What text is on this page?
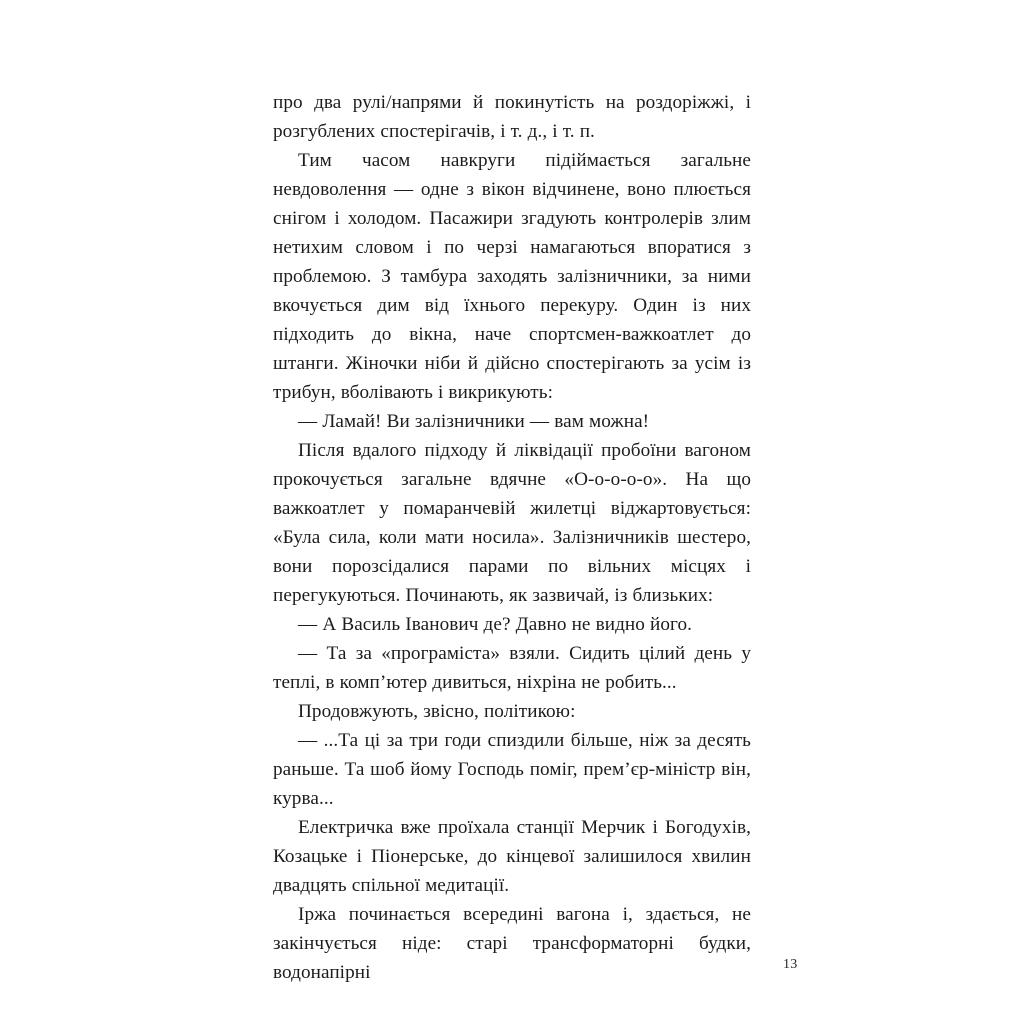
про два рулі/напрями й покинутість на роздоріжжі, і розгублених спостерігачів, і т. д., і т. п.

Тим часом навкруги підіймається загальне невдоволення — одне з вікон відчинене, воно плюється снігом і холодом. Пасажири згадують контролерів злим нетихим словом і по черзі намагаються впоратися з проблемою. З тамбура заходять залізничники, за ними вкочується дим від їхнього перекуру. Один із них підходить до вікна, наче спортсмен-важкоатлет до штанги. Жіночки ніби й дійсно спостерігають за усім із трибун, вболівають і викрикують:

— Ламай! Ви залізничники — вам можна!

Після вдалого підходу й ліквідації пробоїни вагоном прокочується загальне вдячне «О-о-о-о-о». На що важкоатлет у помаранчевій жилетці віджартовується: «Була сила, коли мати носила». Залізничників шестеро, вони порозсідалися парами по вільних місцях і перегукуються. Починають, як зазвичай, із близьких:

— А Василь Іванович де? Давно не видно його.

— Та за «програміста» взяли. Сидить цілий день у теплі, в комп’ютер дивиться, ніхріна не робить...

Продовжують, звісно, політикою:

— ...Та ці за три годи спиздили більше, ніж за десять раньше. Та шоб йому Господь поміг, прем’єр-міністр він, курва...

Електричка вже проїхала станції Мерчик і Богодухів, Козацьке і Піонерське, до кінцевої залишилося хвилин двадцять спільної медитації.

Іржа починається всередині вагона і, здається, не закінчується ніде: старі трансформаторні будки, водонапірні	13
